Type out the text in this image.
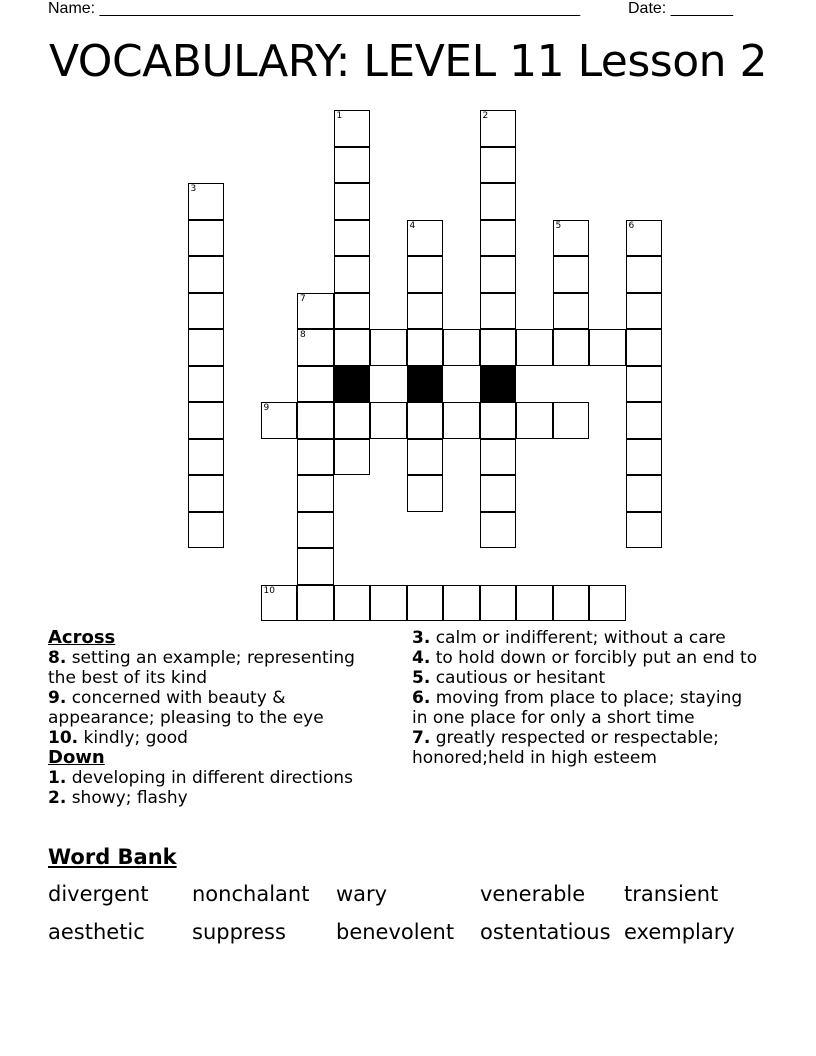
Name: ______________________________________________________	Date: _______
VOCABULARY: LEVEL 11 Lesson 2
1	2
3
4	5	6
7
8
9
10
Across
8. setting an example; representing the best of its kind
9. concerned with beauty & appearance; pleasing to the eye
10. kindly; good
Down
1. developing in different directions
2. showy; flashy
3. calm or indifferent; without a care
4. to hold down or forcibly put an end to
5. cautious or hesitant
6. moving from place to place; staying in one place for only a short time
7. greatly respected or respectable; honored;held in high esteem
Word Bank
divergent	nonchalant	wary	venerable	transient
aesthetic	suppress	benevolent	ostentatious exemplary
